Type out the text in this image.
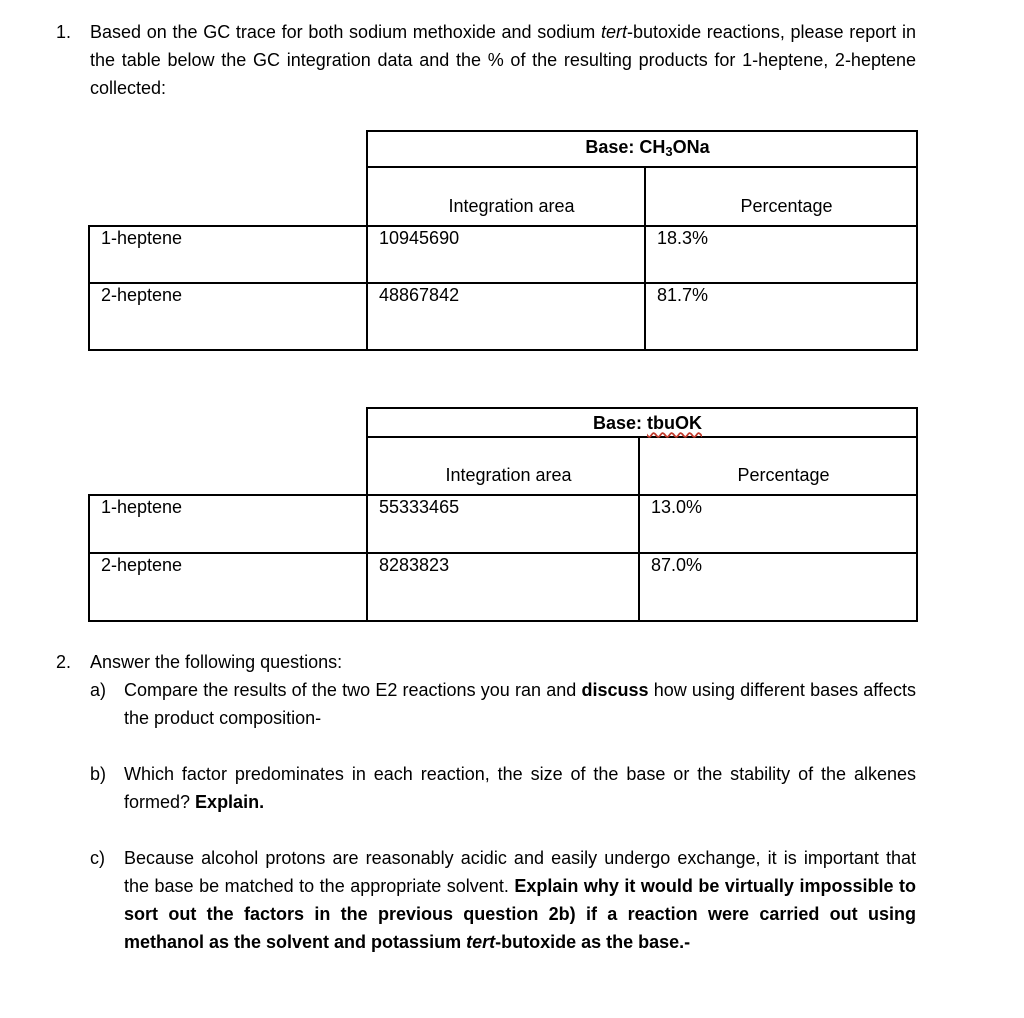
1. Based on the GC trace for both sodium methoxide and sodium tert-butoxide reactions, please report in the table below the GC integration data and the % of the resulting products for 1-heptene, 2-heptene collected:
	Base: CH3ONa	
	Integration area	Percentage
1-heptene	10945690	18.3%
2-heptene	48867842	81.7%
	Base: tbuOK	
	Integration area	Percentage
1-heptene	55333465	13.0%
2-heptene	8283823	87.0%
2. Answer the following questions:
a) Compare the results of the two E2 reactions you ran and discuss how using different bases affects the product composition-
b) Which factor predominates in each reaction, the size of the base or the stability of the alkenes formed? Explain.
c) Because alcohol protons are reasonably acidic and easily undergo exchange, it is important that the base be matched to the appropriate solvent. Explain why it would be virtually impossible to sort out the factors in the previous question 2b) if a reaction were carried out using methanol as the solvent and potassium tert-butoxide as the base.-
